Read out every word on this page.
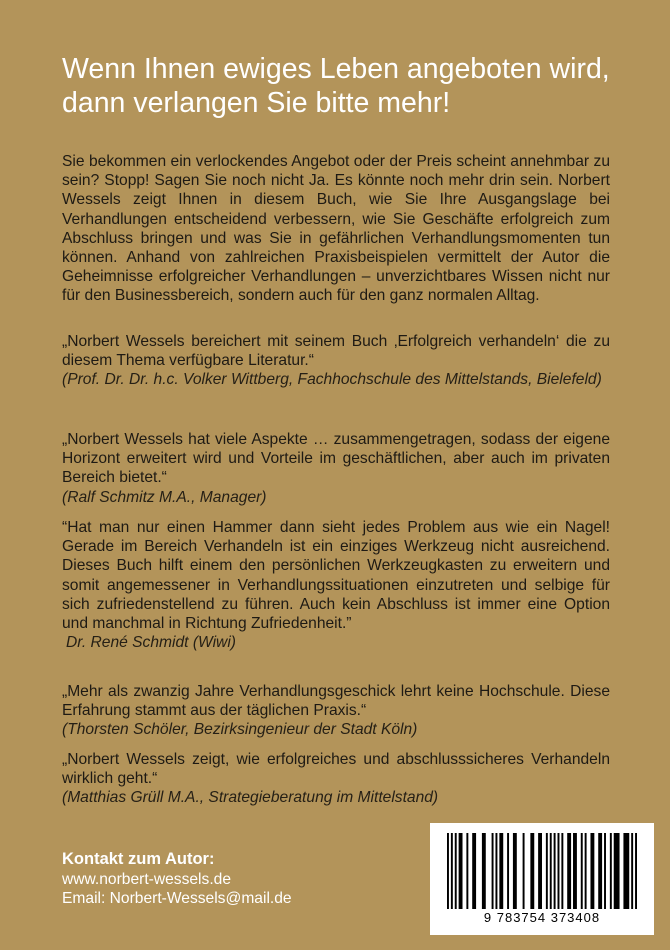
Wenn Ihnen ewiges Leben angeboten wird, dann verlangen Sie bitte mehr!

Sie bekommen ein verlockendes Angebot oder der Preis scheint annehmbar zu sein? Stopp! Sagen Sie noch nicht Ja. Es könnte noch mehr drin sein. Norbert Wessels zeigt Ihnen in diesem Buch, wie Sie Ihre Ausgangslage bei Verhandlungen entscheidend verbessern, wie Sie Geschäfte erfolgreich zum Abschluss bringen und was Sie in gefährlichen Verhandlungsmomenten tun können. Anhand von zahlreichen Praxisbeispielen vermittelt der Autor die Geheimnisse erfolgreicher Verhandlungen – unverzichtbares Wissen nicht nur für den Businessbereich, sondern auch für den ganz normalen Alltag.

„Norbert Wessels bereichert mit seinem Buch ‚Erfolgreich verhandeln‘ die zu diesem Thema verfügbare Literatur.“

(Prof. Dr. Dr. h.c. Volker Wittberg, Fachhochschule des Mittelstands, Bielefeld)

„Norbert Wessels hat viele Aspekte … zusammengetragen, sodass der eigene Horizont erweitert wird und Vorteile im geschäftlichen, aber auch im privaten Bereich bietet.“

(Ralf Schmitz M.A., Manager)

“Hat man nur einen Hammer dann sieht jedes Problem aus wie ein Nagel! Gerade im Bereich Verhandeln ist ein einziges Werkzeug nicht ausreichend. Dieses Buch hilft einem den persönlichen Werkzeugkasten zu erweitern und somit angemessener in Verhandlungssituationen einzutreten und selbige für sich zufriedenstellend zu führen. Auch kein Abschluss ist immer eine Option und manchmal in Richtung Zufriedenheit.”

Dr. René Schmidt (Wiwi)

„Mehr als zwanzig Jahre Verhandlungsgeschick lehrt keine Hochschule. Diese Erfahrung stammt aus der täglichen Praxis.“

(Thorsten Schöler, Bezirksingenieur der Stadt Köln)

„Norbert Wessels zeigt, wie erfolgreiches und abschlusssicheres Verhandeln wirklich geht.“

(Matthias Grüll M.A., Strategieberatung im Mittelstand)

Kontakt zum Autor:
www.norbert-wessels.de
Email: Norbert-Wessels@mail.de
9 783754 373408
